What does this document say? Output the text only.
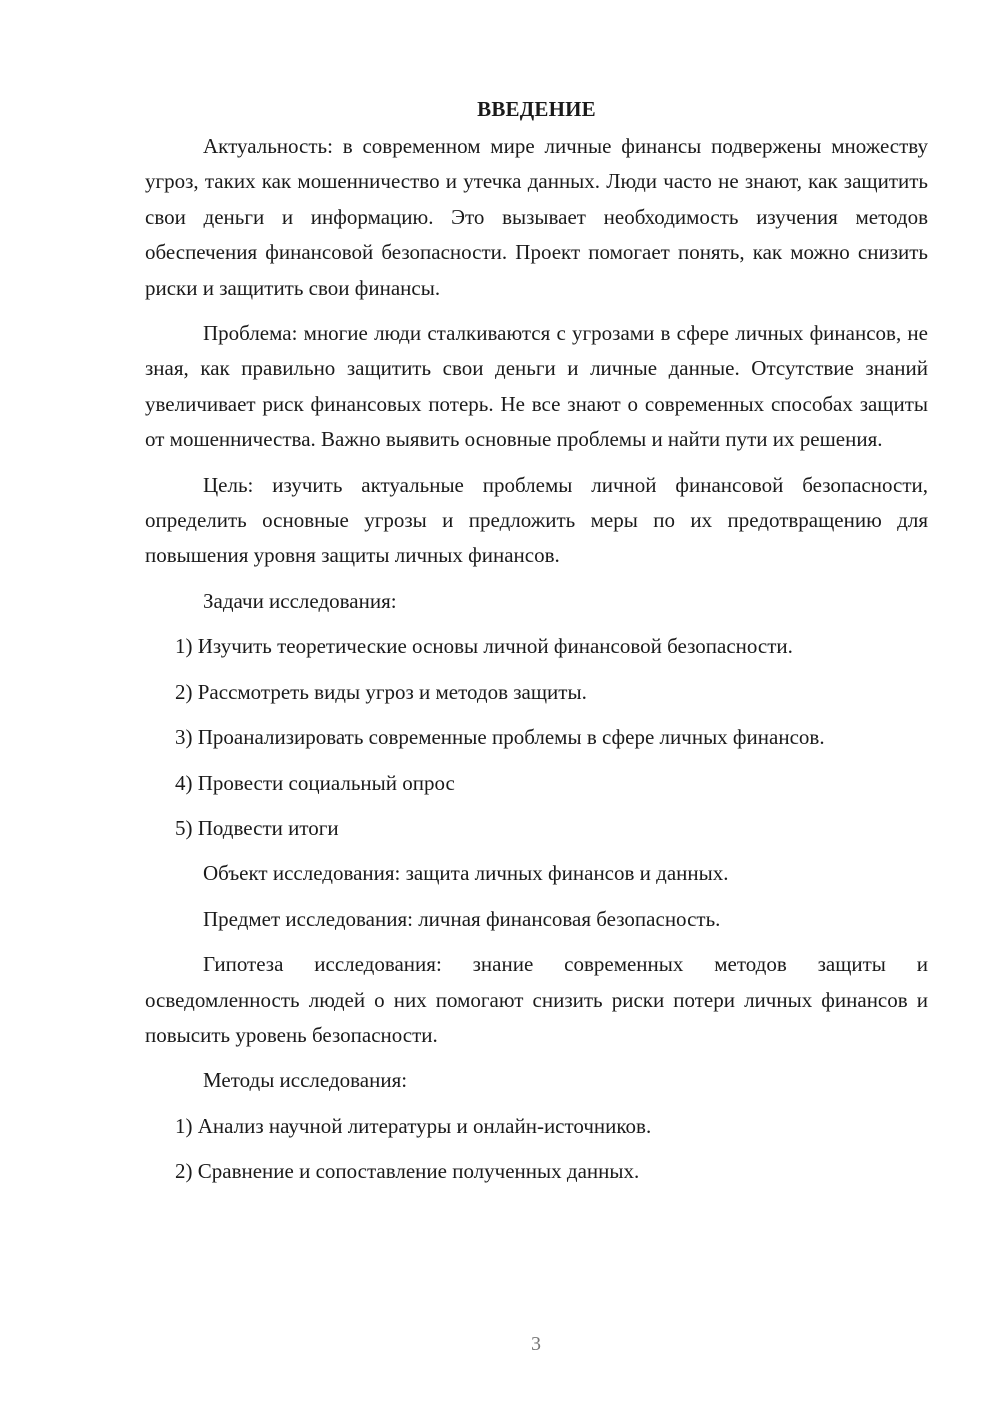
ВВЕДЕНИЕ

Актуальность: в современном мире личные финансы подвержены множеству угроз, таких как мошенничество и утечка данных. Люди часто не знают, как защитить свои деньги и информацию. Это вызывает необходимость изучения методов обеспечения финансовой безопасности. Проект помогает понять, как можно снизить риски и защитить свои финансы.

Проблема: многие люди сталкиваются с угрозами в сфере личных финансов, не зная, как правильно защитить свои деньги и личные данные. Отсутствие знаний увеличивает риск финансовых потерь. Не все знают о современных способах защиты от мошенничества. Важно выявить основные проблемы и найти пути их решения.

Цель: изучить актуальные проблемы личной финансовой безопасности, определить основные угрозы и предложить меры по их предотвращению для повышения уровня защиты личных финансов.

Задачи исследования:

1) Изучить теоретические основы личной финансовой безопасности.

2) Рассмотреть виды угроз и методов защиты.

3) Проанализировать современные проблемы в сфере личных финансов.

4) Провести социальный опрос

5) Подвести итоги

Объект исследования: защита личных финансов и данных.

Предмет исследования: личная финансовая безопасность.

Гипотеза исследования: знание современных методов защиты и осведомленность людей о них помогают снизить риски потери личных финансов и повысить уровень безопасности.

Методы исследования:

1) Анализ научной литературы и онлайн-источников.

2) Сравнение и сопоставление полученных данных.

3
